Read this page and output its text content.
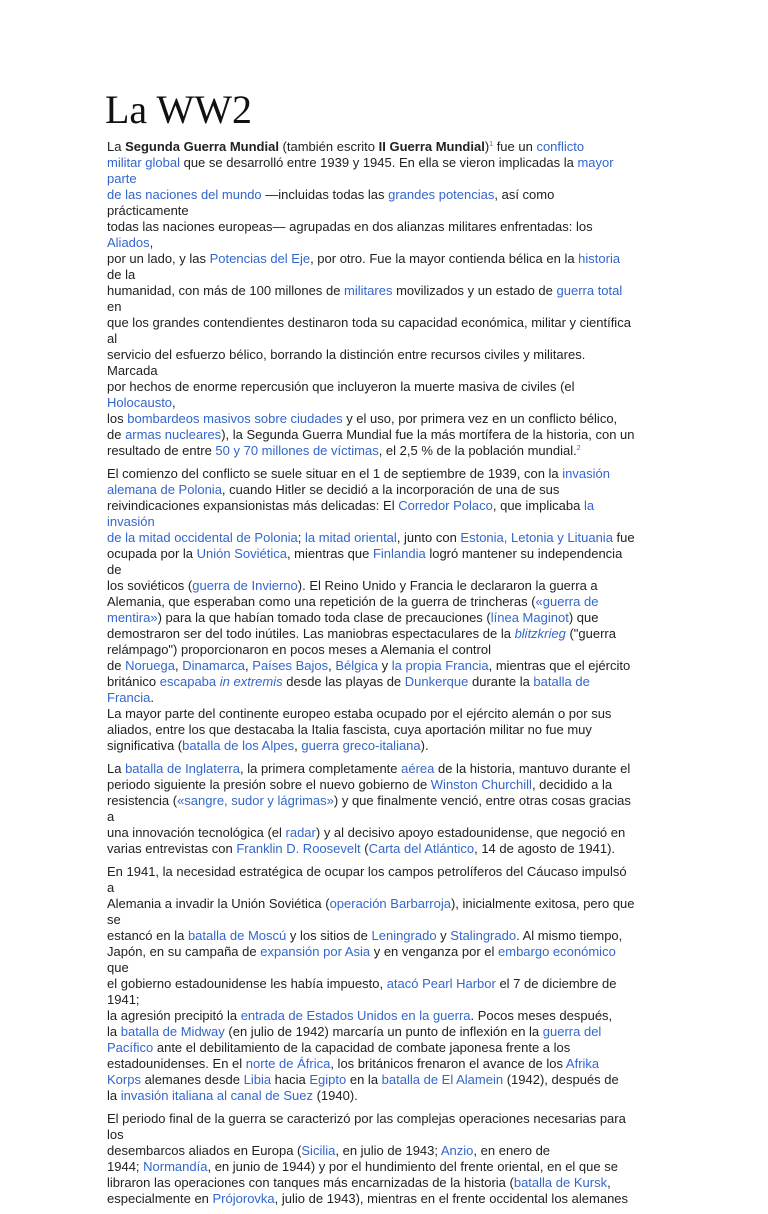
La WW2

La Segunda Guerra Mundial (también escrito II Guerra Mundial)$^1$ fue un conflicto
militar global que se desarrolló entre 1939 y 1945. En ella se vieron implicadas la mayor parte
de las naciones del mundo —incluidas todas las grandes potencias, así como prácticamente
todas las naciones europeas— agrupadas en dos alianzas militares enfrentadas: los Aliados,
por un lado, y las Potencias del Eje, por otro. Fue la mayor contienda bélica en la historia de la
humanidad, con más de 100 millones de militares movilizados y un estado de guerra total en
que los grandes contendientes destinaron toda su capacidad económica, militar y científica al
servicio del esfuerzo bélico, borrando la distinción entre recursos civiles y militares. Marcada
por hechos de enorme repercusión que incluyeron la muerte masiva de civiles (el Holocausto,
los bombardeos masivos sobre ciudades y el uso, por primera vez en un conflicto bélico,
de armas nucleares), la Segunda Guerra Mundial fue la más mortífera de la historia, con un
resultado de entre 50 y 70 millones de víctimas, el 2,5 % de la población mundial.$^2$

El comienzo del conflicto se suele situar en el 1 de septiembre de 1939, con la invasión
alemana de Polonia, cuando Hitler se decidió a la incorporación de una de sus
reivindicaciones expansionistas más delicadas: El Corredor Polaco, que implicaba la invasión
de la mitad occidental de Polonia; la mitad oriental, junto con Estonia, Letonia y Lituania fue
ocupada por la Unión Soviética, mientras que Finlandia logró mantener su independencia de
los soviéticos (guerra de Invierno). El Reino Unido y Francia le declararon la guerra a
Alemania, que esperaban como una repetición de la guerra de trincheras («guerra de
mentira») para la que habían tomado toda clase de precauciones (línea Maginot) que
demostraron ser del todo inútiles. Las maniobras espectaculares de la blitzkrieg ("guerra
relámpago") proporcionaron en pocos meses a Alemania el control
de Noruega, Dinamarca, Países Bajos, Bélgica y la propia Francia, mientras que el ejército
británico escapaba in extremis desde las playas de Dunkerque durante la batalla de Francia.
La mayor parte del continente europeo estaba ocupado por el ejército alemán o por sus
aliados, entre los que destacaba la Italia fascista, cuya aportación militar no fue muy
significativa (batalla de los Alpes, guerra greco-italiana).

La batalla de Inglaterra, la primera completamente aérea de la historia, mantuvo durante el
periodo siguiente la presión sobre el nuevo gobierno de Winston Churchill, decidido a la
resistencia («sangre, sudor y lágrimas») y que finalmente venció, entre otras cosas gracias a
una innovación tecnológica (el radar) y al decisivo apoyo estadounidense, que negoció en
varias entrevistas con Franklin D. Roosevelt (Carta del Atlántico, 14 de agosto de 1941).

En 1941, la necesidad estratégica de ocupar los campos petrolíferos del Cáucaso impulsó a
Alemania a invadir la Unión Soviética (operación Barbarroja), inicialmente exitosa, pero que se
estancó en la batalla de Moscú y los sitios de Leningrado y Stalingrado. Al mismo tiempo,
Japón, en su campaña de expansión por Asia y en venganza por el embargo económico que
el gobierno estadounidense les había impuesto, atacó Pearl Harbor el 7 de diciembre de 1941;
la agresión precipitó la entrada de Estados Unidos en la guerra. Pocos meses después,
la batalla de Midway (en julio de 1942) marcaría un punto de inflexión en la guerra del
Pacífico ante el debilitamiento de la capacidad de combate japonesa frente a los
estadounidenses. En el norte de África, los británicos frenaron el avance de los Afrika
Korps alemanes desde Libia hacia Egipto en la batalla de El Alamein (1942), después de
la invasión italiana al canal de Suez (1940).

El periodo final de la guerra se caracterizó por las complejas operaciones necesarias para los
desembarcos aliados en Europa (Sicilia, en julio de 1943; Anzio, en enero de
1944; Normandía, en junio de 1944) y por el hundimiento del frente oriental, en el que se
libraron las operaciones con tanques más encarnizadas de la historia (batalla de Kursk,
especialmente en Prójorovka, julio de 1943), mientras en el frente occidental los alemanes
